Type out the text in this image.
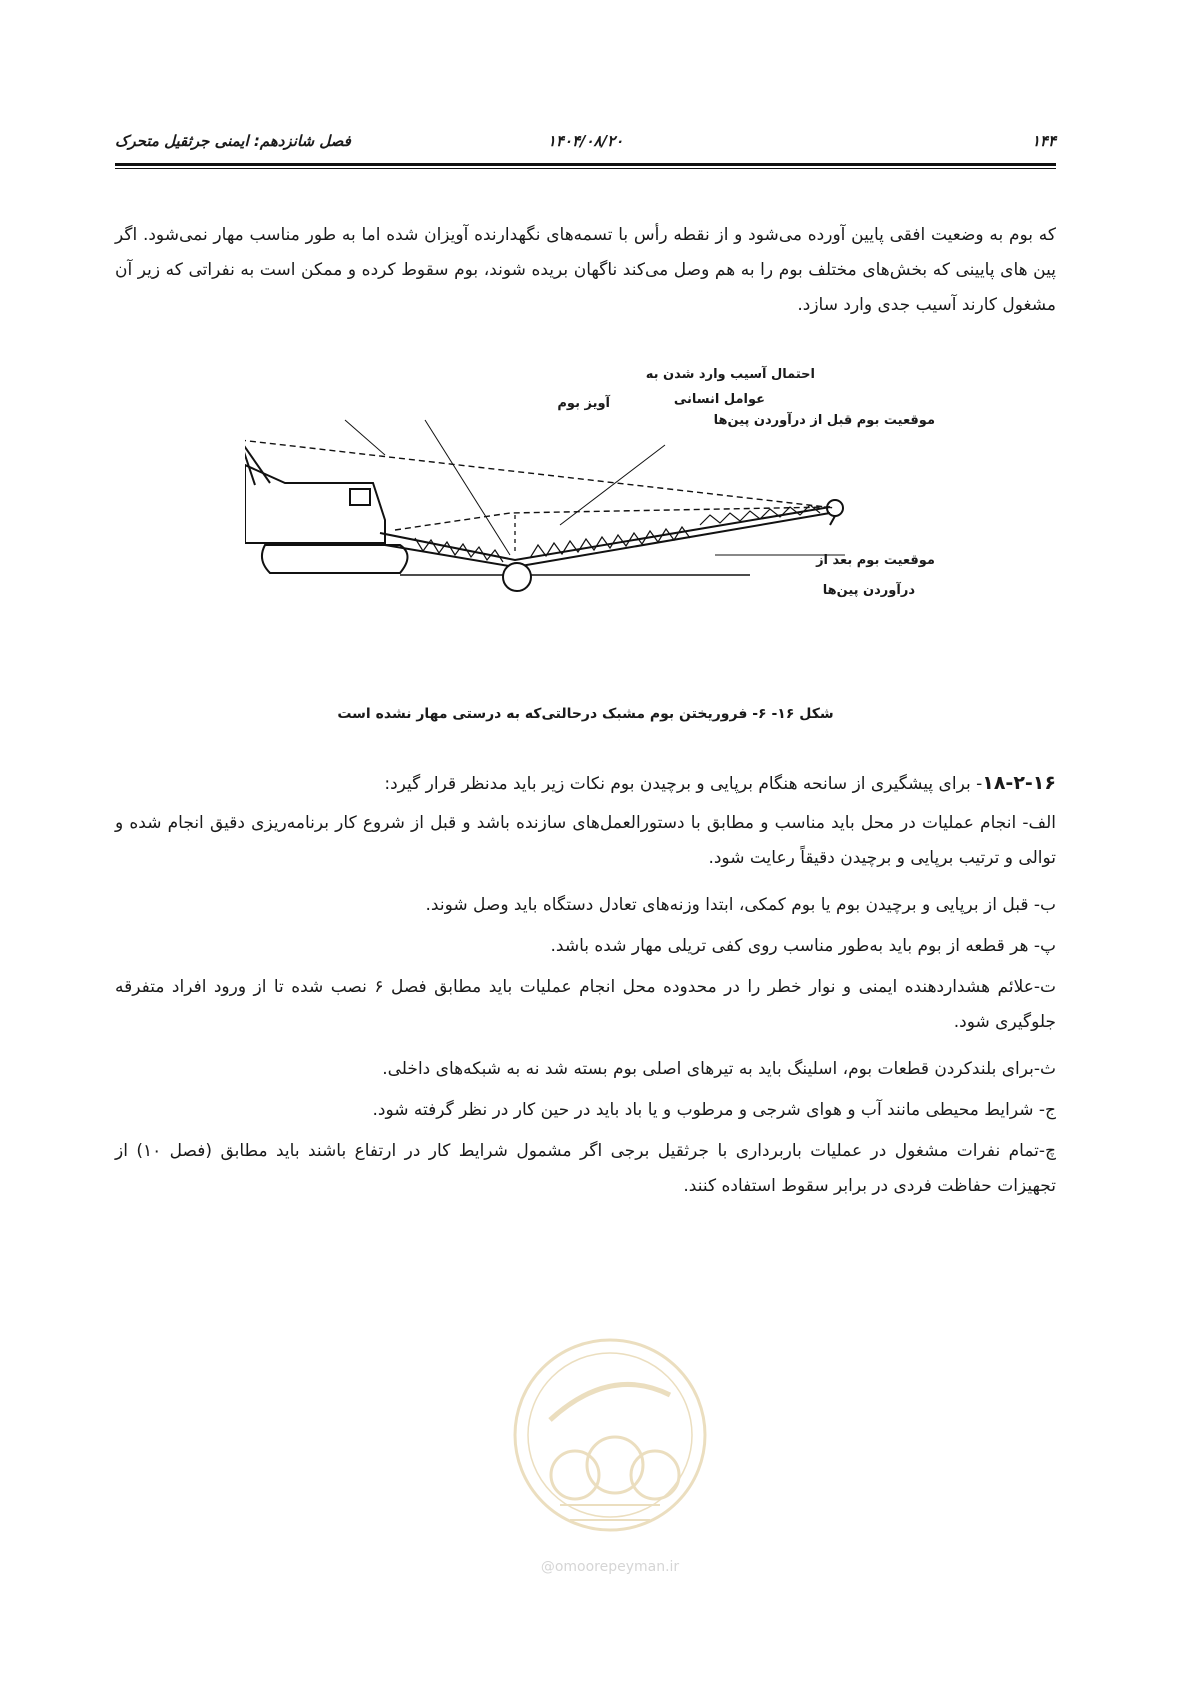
۱۴۴
۱۴۰۴/۰۸/۲۰
فصل شانزدهم: ایمنی جرثقیل متحرک

که بوم به وضعیت افقی پایین آورده می‌شود و از نقطه رأس با تسمه‌های نگهدارنده آویزان شده اما به طور مناسب مهار نمی‌شود. اگر پین های پایینی که بخش‌های مختلف بوم را به هم وصل می‌کند ناگهان بریده شوند، بوم سقوط کرده و ممکن است به نفراتی که زیر آن مشغول کارند آسیب جدی وارد سازد.

احتمال آسیب وارد شدن به
عوامل انسانی
آویز بوم
موقعیت بوم قبل از درآوردن پین‌ها
موقعیت بوم بعد از
درآوردن پین‌ها
شکل ۱۶- ۶- فروریختن بوم مشبک درحالتی‌که به درستی مهار نشده است
۱۸-۲-۱۶- برای پیشگیری از سانحه هنگام برپایی و برچیدن بوم نکات زیر باید مدنظر قرار گیرد:

الف- انجام عملیات در محل باید مناسب و مطابق با دستورالعمل‌های سازنده باشد و قبل از شروع کار برنامه‌ریزی دقیق انجام شده و توالی و ترتیب برپایی و برچیدن دقیقاً رعایت شود.

ب- قبل از برپایی و برچیدن بوم یا بوم کمکی، ابتدا وزنه‌های تعادل دستگاه باید وصل شوند.

پ- هر قطعه از بوم باید به‌طور مناسب روی کفی تریلی مهار شده باشد.

ت-علائم هشداردهنده ایمنی و نوار خطر را در محدوده محل انجام عملیات باید مطابق فصل ۶ نصب شده تا از ورود افراد متفرقه جلوگیری شود.

ث-برای بلندکردن قطعات بوم، اسلینگ باید به تیرهای اصلی بوم بسته شد نه به شبکه‌های داخلی.

ج- شرایط محیطی مانند آب و هوای شرجی و مرطوب و یا باد باید در حین کار در نظر گرفته شود.

چ-تمام نفرات مشغول در عملیات باربرداری با جرثقیل برجی اگر مشمول شرایط کار در ارتفاع باشند باید مطابق (فصل ۱۰) از تجهیزات حفاظت فردی در برابر سقوط استفاده کنند.

@omoorepeyman.ir
